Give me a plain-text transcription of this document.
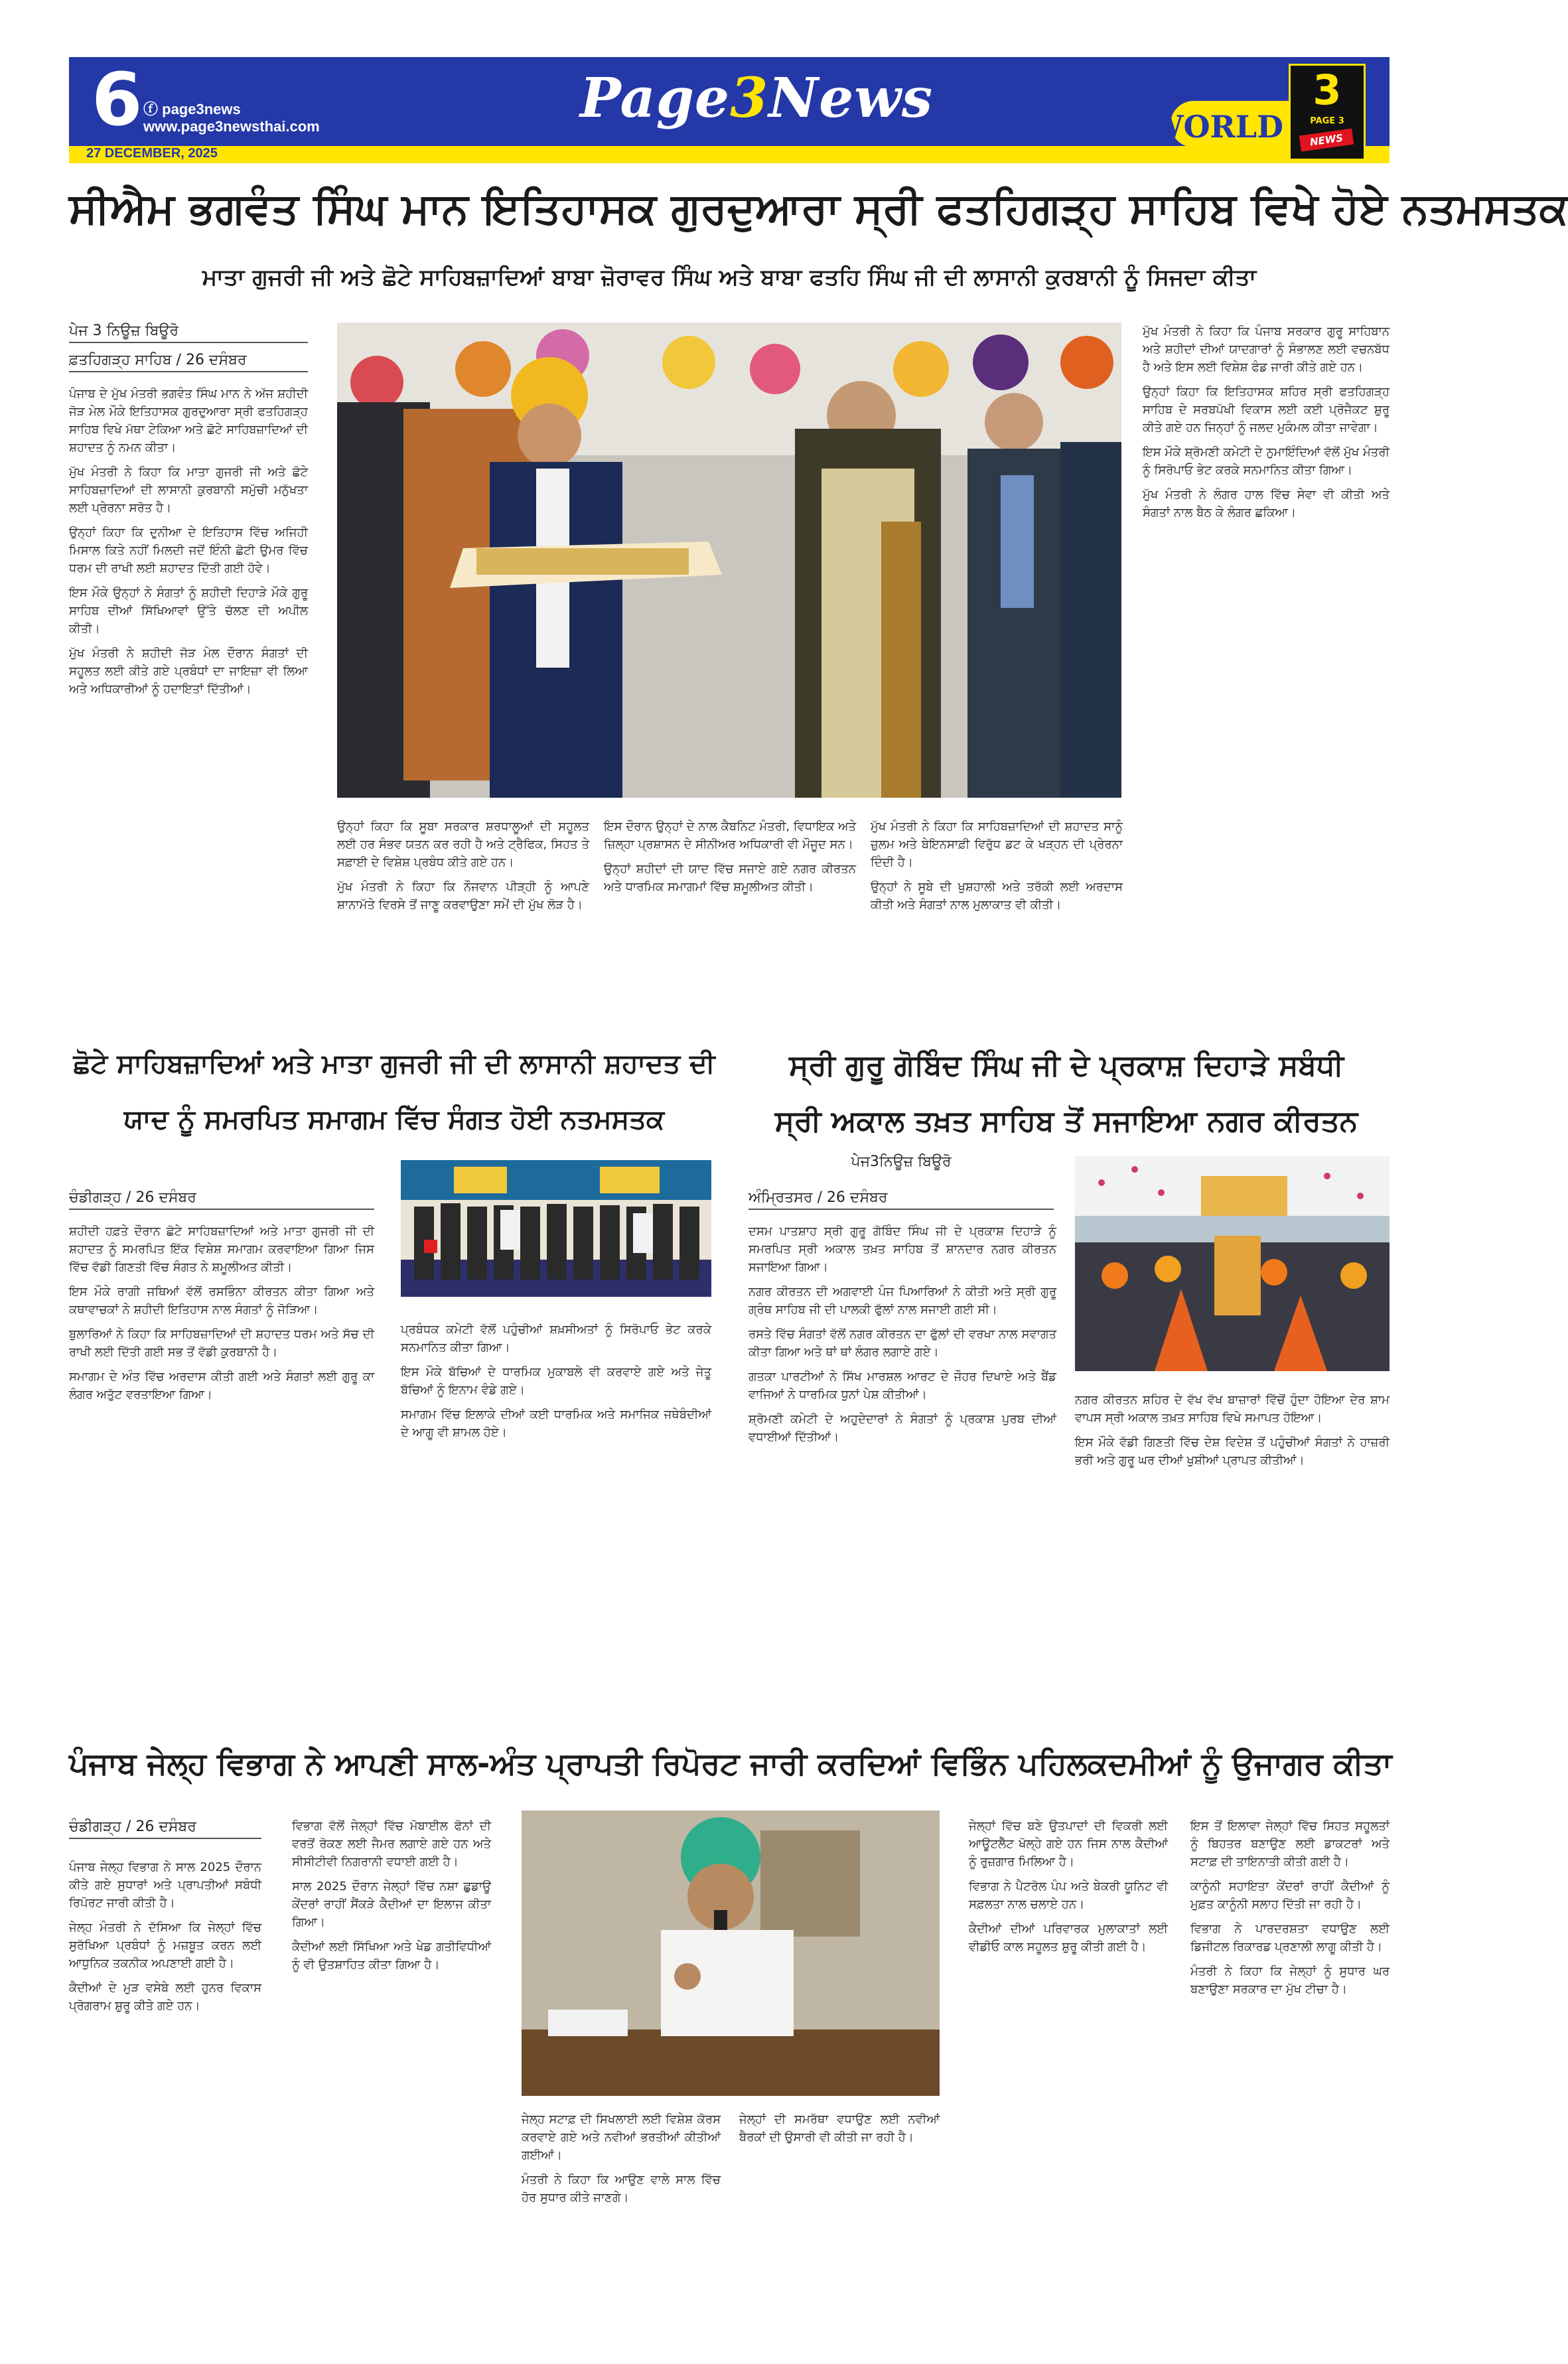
6 ⓕ page3news
www.page3newsthai.com
27 DECEMBER, 2025
Page3News	WORLD
3
PAGE 3
NEWS
ਸੀਐਮ ਭਗਵੰਤ ਸਿੰਘ ਮਾਨ ਇਤਿਹਾਸਕ ਗੁਰਦੁਆਰਾ ਸ੍ਰੀ ਫਤਹਿਗੜ੍ਹ ਸਾਹਿਬ ਵਿਖੇ ਹੋਏ ਨਤਮਸਤਕ
ਮਾਤਾ ਗੁਜਰੀ ਜੀ ਅਤੇ ਛੋਟੇ ਸਾਹਿਬਜ਼ਾਦਿਆਂ ਬਾਬਾ ਜ਼ੋਰਾਵਰ ਸਿੰਘ ਅਤੇ ਬਾਬਾ ਫਤਹਿ ਸਿੰਘ ਜੀ ਦੀ ਲਾਸਾਨੀ ਕੁਰਬਾਨੀ ਨੂੰ ਸਿਜਦਾ ਕੀਤਾ
ਪੇਜ 3 ਨਿਊਜ਼ ਬਿਊਰੋ
ਫ਼ਤਹਿਗੜ੍ਹ ਸਾਹਿਬ / 26 ਦਸੰਬਰ

ਪੰਜਾਬ ਦੇ ਮੁੱਖ ਮੰਤਰੀ ਭਗਵੰਤ ਸਿੰਘ ਮਾਨ ਨੇ ਅੱਜ ਸ਼ਹੀਦੀ ਜੋੜ ਮੇਲ ਮੌਕੇ ਇਤਿਹਾਸਕ ਗੁਰਦੁਆਰਾ ਸ੍ਰੀ ਫਤਹਿਗੜ੍ਹ ਸਾਹਿਬ ਵਿਖੇ ਮੱਥਾ ਟੇਕਿਆ ਅਤੇ ਛੋਟੇ ਸਾਹਿਬਜ਼ਾਦਿਆਂ ਦੀ ਸ਼ਹਾਦਤ ਨੂੰ ਨਮਨ ਕੀਤਾ।

ਮੁੱਖ ਮੰਤਰੀ ਨੇ ਕਿਹਾ ਕਿ ਮਾਤਾ ਗੁਜਰੀ ਜੀ ਅਤੇ ਛੋਟੇ ਸਾਹਿਬਜ਼ਾਦਿਆਂ ਦੀ ਲਾਸਾਨੀ ਕੁਰਬਾਨੀ ਸਮੁੱਚੀ ਮਨੁੱਖਤਾ ਲਈ ਪ੍ਰੇਰਨਾ ਸਰੋਤ ਹੈ।

ਉਨ੍ਹਾਂ ਕਿਹਾ ਕਿ ਦੁਨੀਆ ਦੇ ਇਤਿਹਾਸ ਵਿੱਚ ਅਜਿਹੀ ਮਿਸਾਲ ਕਿਤੇ ਨਹੀਂ ਮਿਲਦੀ ਜਦੋਂ ਇੰਨੀ ਛੋਟੀ ਉਮਰ ਵਿੱਚ ਧਰਮ ਦੀ ਰਾਖੀ ਲਈ ਸ਼ਹਾਦਤ ਦਿੱਤੀ ਗਈ ਹੋਵੇ।

ਇਸ ਮੌਕੇ ਉਨ੍ਹਾਂ ਨੇ ਸੰਗਤਾਂ ਨੂੰ ਸ਼ਹੀਦੀ ਦਿਹਾੜੇ ਮੌਕੇ ਗੁਰੂ ਸਾਹਿਬ ਦੀਆਂ ਸਿੱਖਿਆਵਾਂ ਉੱਤੇ ਚੱਲਣ ਦੀ ਅਪੀਲ ਕੀਤੀ।

ਮੁੱਖ ਮੰਤਰੀ ਨੇ ਸ਼ਹੀਦੀ ਜੋੜ ਮੇਲ ਦੌਰਾਨ ਸੰਗਤਾਂ ਦੀ ਸਹੂਲਤ ਲਈ ਕੀਤੇ ਗਏ ਪ੍ਰਬੰਧਾਂ ਦਾ ਜਾਇਜ਼ਾ ਵੀ ਲਿਆ ਅਤੇ ਅਧਿਕਾਰੀਆਂ ਨੂੰ ਹਦਾਇਤਾਂ ਦਿੱਤੀਆਂ।

ਉਨ੍ਹਾਂ ਕਿਹਾ ਕਿ ਸੂਬਾ ਸਰਕਾਰ ਸ਼ਰਧਾਲੂਆਂ ਦੀ ਸਹੂਲਤ ਲਈ ਹਰ ਸੰਭਵ ਯਤਨ ਕਰ ਰਹੀ ਹੈ ਅਤੇ ਟ੍ਰੈਫਿਕ, ਸਿਹਤ ਤੇ ਸਫ਼ਾਈ ਦੇ ਵਿਸ਼ੇਸ਼ ਪ੍ਰਬੰਧ ਕੀਤੇ ਗਏ ਹਨ।

ਮੁੱਖ ਮੰਤਰੀ ਨੇ ਕਿਹਾ ਕਿ ਨੌਜਵਾਨ ਪੀੜ੍ਹੀ ਨੂੰ ਆਪਣੇ ਸ਼ਾਨਾਮੱਤੇ ਵਿਰਸੇ ਤੋਂ ਜਾਣੂ ਕਰਵਾਉਣਾ ਸਮੇਂ ਦੀ ਮੁੱਖ ਲੋੜ ਹੈ।

ਇਸ ਦੌਰਾਨ ਉਨ੍ਹਾਂ ਦੇ ਨਾਲ ਕੈਬਨਿਟ ਮੰਤਰੀ, ਵਿਧਾਇਕ ਅਤੇ ਜ਼ਿਲ੍ਹਾ ਪ੍ਰਸ਼ਾਸਨ ਦੇ ਸੀਨੀਅਰ ਅਧਿਕਾਰੀ ਵੀ ਮੌਜੂਦ ਸਨ।

ਉਨ੍ਹਾਂ ਸ਼ਹੀਦਾਂ ਦੀ ਯਾਦ ਵਿੱਚ ਸਜਾਏ ਗਏ ਨਗਰ ਕੀਰਤਨ ਅਤੇ ਧਾਰਮਿਕ ਸਮਾਗਮਾਂ ਵਿੱਚ ਸ਼ਮੂਲੀਅਤ ਕੀਤੀ।

ਮੁੱਖ ਮੰਤਰੀ ਨੇ ਕਿਹਾ ਕਿ ਸਾਹਿਬਜ਼ਾਦਿਆਂ ਦੀ ਸ਼ਹਾਦਤ ਸਾਨੂੰ ਜ਼ੁਲਮ ਅਤੇ ਬੇਇਨਸਾਫ਼ੀ ਵਿਰੁੱਧ ਡਟ ਕੇ ਖੜ੍ਹਨ ਦੀ ਪ੍ਰੇਰਨਾ ਦਿੰਦੀ ਹੈ।

ਉਨ੍ਹਾਂ ਨੇ ਸੂਬੇ ਦੀ ਖੁਸ਼ਹਾਲੀ ਅਤੇ ਤਰੱਕੀ ਲਈ ਅਰਦਾਸ ਕੀਤੀ ਅਤੇ ਸੰਗਤਾਂ ਨਾਲ ਮੁਲਾਕਾਤ ਵੀ ਕੀਤੀ।

ਮੁੱਖ ਮੰਤਰੀ ਨੇ ਕਿਹਾ ਕਿ ਪੰਜਾਬ ਸਰਕਾਰ ਗੁਰੂ ਸਾਹਿਬਾਨ ਅਤੇ ਸ਼ਹੀਦਾਂ ਦੀਆਂ ਯਾਦਗਾਰਾਂ ਨੂੰ ਸੰਭਾਲਣ ਲਈ ਵਚਨਬੱਧ ਹੈ ਅਤੇ ਇਸ ਲਈ ਵਿਸ਼ੇਸ਼ ਫੰਡ ਜਾਰੀ ਕੀਤੇ ਗਏ ਹਨ।

ਉਨ੍ਹਾਂ ਕਿਹਾ ਕਿ ਇਤਿਹਾਸਕ ਸ਼ਹਿਰ ਸ੍ਰੀ ਫਤਹਿਗੜ੍ਹ ਸਾਹਿਬ ਦੇ ਸਰਬਪੱਖੀ ਵਿਕਾਸ ਲਈ ਕਈ ਪ੍ਰੋਜੈਕਟ ਸ਼ੁਰੂ ਕੀਤੇ ਗਏ ਹਨ ਜਿਨ੍ਹਾਂ ਨੂੰ ਜਲਦ ਮੁਕੰਮਲ ਕੀਤਾ ਜਾਵੇਗਾ।

ਇਸ ਮੌਕੇ ਸ਼੍ਰੋਮਣੀ ਕਮੇਟੀ ਦੇ ਨੁਮਾਇੰਦਿਆਂ ਵੱਲੋਂ ਮੁੱਖ ਮੰਤਰੀ ਨੂੰ ਸਿਰੋਪਾਓ ਭੇਟ ਕਰਕੇ ਸਨਮਾਨਿਤ ਕੀਤਾ ਗਿਆ।

ਮੁੱਖ ਮੰਤਰੀ ਨੇ ਲੰਗਰ ਹਾਲ ਵਿੱਚ ਸੇਵਾ ਵੀ ਕੀਤੀ ਅਤੇ ਸੰਗਤਾਂ ਨਾਲ ਬੈਠ ਕੇ ਲੰਗਰ ਛਕਿਆ।

ਛੋਟੇ ਸਾਹਿਬਜ਼ਾਦਿਆਂ ਅਤੇ ਮਾਤਾ ਗੁਜਰੀ ਜੀ ਦੀ ਲਾਸਾਨੀ ਸ਼ਹਾਦਤ ਦੀ
ਯਾਦ ਨੂੰ ਸਮਰਪਿਤ ਸਮਾਗਮ ਵਿੱਚ ਸੰਗਤ ਹੋਈ ਨਤਮਸਤਕ
ਚੰਡੀਗੜ੍ਹ / 26 ਦਸੰਬਰ

ਸ਼ਹੀਦੀ ਹਫ਼ਤੇ ਦੌਰਾਨ ਛੋਟੇ ਸਾਹਿਬਜ਼ਾਦਿਆਂ ਅਤੇ ਮਾਤਾ ਗੁਜਰੀ ਜੀ ਦੀ ਸ਼ਹਾਦਤ ਨੂੰ ਸਮਰਪਿਤ ਇੱਕ ਵਿਸ਼ੇਸ਼ ਸਮਾਗਮ ਕਰਵਾਇਆ ਗਿਆ ਜਿਸ ਵਿੱਚ ਵੱਡੀ ਗਿਣਤੀ ਵਿੱਚ ਸੰਗਤ ਨੇ ਸ਼ਮੂਲੀਅਤ ਕੀਤੀ।

ਇਸ ਮੌਕੇ ਰਾਗੀ ਜਥਿਆਂ ਵੱਲੋਂ ਰਸਭਿੰਨਾ ਕੀਰਤਨ ਕੀਤਾ ਗਿਆ ਅਤੇ ਕਥਾਵਾਚਕਾਂ ਨੇ ਸ਼ਹੀਦੀ ਇਤਿਹਾਸ ਨਾਲ ਸੰਗਤਾਂ ਨੂੰ ਜੋੜਿਆ।

ਬੁਲਾਰਿਆਂ ਨੇ ਕਿਹਾ ਕਿ ਸਾਹਿਬਜ਼ਾਦਿਆਂ ਦੀ ਸ਼ਹਾਦਤ ਧਰਮ ਅਤੇ ਸੱਚ ਦੀ ਰਾਖੀ ਲਈ ਦਿੱਤੀ ਗਈ ਸਭ ਤੋਂ ਵੱਡੀ ਕੁਰਬਾਨੀ ਹੈ।

ਸਮਾਗਮ ਦੇ ਅੰਤ ਵਿੱਚ ਅਰਦਾਸ ਕੀਤੀ ਗਈ ਅਤੇ ਸੰਗਤਾਂ ਲਈ ਗੁਰੂ ਕਾ ਲੰਗਰ ਅਤੁੱਟ ਵਰਤਾਇਆ ਗਿਆ।

ਪ੍ਰਬੰਧਕ ਕਮੇਟੀ ਵੱਲੋਂ ਪਹੁੰਚੀਆਂ ਸ਼ਖ਼ਸੀਅਤਾਂ ਨੂੰ ਸਿਰੋਪਾਓ ਭੇਟ ਕਰਕੇ ਸਨਮਾਨਿਤ ਕੀਤਾ ਗਿਆ।

ਇਸ ਮੌਕੇ ਬੱਚਿਆਂ ਦੇ ਧਾਰਮਿਕ ਮੁਕਾਬਲੇ ਵੀ ਕਰਵਾਏ ਗਏ ਅਤੇ ਜੇਤੂ ਬੱਚਿਆਂ ਨੂੰ ਇਨਾਮ ਵੰਡੇ ਗਏ।

ਸਮਾਗਮ ਵਿੱਚ ਇਲਾਕੇ ਦੀਆਂ ਕਈ ਧਾਰਮਿਕ ਅਤੇ ਸਮਾਜਿਕ ਜਥੇਬੰਦੀਆਂ ਦੇ ਆਗੂ ਵੀ ਸ਼ਾਮਲ ਹੋਏ।

ਸ੍ਰੀ ਗੁਰੂ ਗੋਬਿੰਦ ਸਿੰਘ ਜੀ ਦੇ ਪ੍ਰਕਾਸ਼ ਦਿਹਾੜੇ ਸਬੰਧੀ
ਸ੍ਰੀ ਅਕਾਲ ਤਖ਼ਤ ਸਾਹਿਬ ਤੋਂ ਸਜਾਇਆ ਨਗਰ ਕੀਰਤਨ
ਪੇਜ3ਨਿਊਜ਼ ਬਿਊਰੋ
ਅੰਮ੍ਰਿਤਸਰ / 26 ਦਸੰਬਰ

ਦਸਮ ਪਾਤਸ਼ਾਹ ਸ੍ਰੀ ਗੁਰੂ ਗੋਬਿੰਦ ਸਿੰਘ ਜੀ ਦੇ ਪ੍ਰਕਾਸ਼ ਦਿਹਾੜੇ ਨੂੰ ਸਮਰਪਿਤ ਸ੍ਰੀ ਅਕਾਲ ਤਖ਼ਤ ਸਾਹਿਬ ਤੋਂ ਸ਼ਾਨਦਾਰ ਨਗਰ ਕੀਰਤਨ ਸਜਾਇਆ ਗਿਆ।

ਨਗਰ ਕੀਰਤਨ ਦੀ ਅਗਵਾਈ ਪੰਜ ਪਿਆਰਿਆਂ ਨੇ ਕੀਤੀ ਅਤੇ ਸ੍ਰੀ ਗੁਰੂ ਗ੍ਰੰਥ ਸਾਹਿਬ ਜੀ ਦੀ ਪਾਲਕੀ ਫੁੱਲਾਂ ਨਾਲ ਸਜਾਈ ਗਈ ਸੀ।

ਰਸਤੇ ਵਿੱਚ ਸੰਗਤਾਂ ਵੱਲੋਂ ਨਗਰ ਕੀਰਤਨ ਦਾ ਫੁੱਲਾਂ ਦੀ ਵਰਖਾ ਨਾਲ ਸਵਾਗਤ ਕੀਤਾ ਗਿਆ ਅਤੇ ਥਾਂ ਥਾਂ ਲੰਗਰ ਲਗਾਏ ਗਏ।

ਗਤਕਾ ਪਾਰਟੀਆਂ ਨੇ ਸਿੱਖ ਮਾਰਸ਼ਲ ਆਰਟ ਦੇ ਜੌਹਰ ਦਿਖਾਏ ਅਤੇ ਬੈਂਡ ਵਾਜਿਆਂ ਨੇ ਧਾਰਮਿਕ ਧੁਨਾਂ ਪੇਸ਼ ਕੀਤੀਆਂ।

ਸ਼੍ਰੋਮਣੀ ਕਮੇਟੀ ਦੇ ਅਹੁਦੇਦਾਰਾਂ ਨੇ ਸੰਗਤਾਂ ਨੂੰ ਪ੍ਰਕਾਸ਼ ਪੁਰਬ ਦੀਆਂ ਵਧਾਈਆਂ ਦਿੱਤੀਆਂ।

ਨਗਰ ਕੀਰਤਨ ਸ਼ਹਿਰ ਦੇ ਵੱਖ ਵੱਖ ਬਾਜ਼ਾਰਾਂ ਵਿੱਚੋਂ ਹੁੰਦਾ ਹੋਇਆ ਦੇਰ ਸ਼ਾਮ ਵਾਪਸ ਸ੍ਰੀ ਅਕਾਲ ਤਖ਼ਤ ਸਾਹਿਬ ਵਿਖੇ ਸਮਾਪਤ ਹੋਇਆ।

ਇਸ ਮੌਕੇ ਵੱਡੀ ਗਿਣਤੀ ਵਿੱਚ ਦੇਸ਼ ਵਿਦੇਸ਼ ਤੋਂ ਪਹੁੰਚੀਆਂ ਸੰਗਤਾਂ ਨੇ ਹਾਜ਼ਰੀ ਭਰੀ ਅਤੇ ਗੁਰੂ ਘਰ ਦੀਆਂ ਖੁਸ਼ੀਆਂ ਪ੍ਰਾਪਤ ਕੀਤੀਆਂ।

ਪੰਜਾਬ ਜੇਲ੍ਹ ਵਿਭਾਗ ਨੇ ਆਪਣੀ ਸਾਲ-ਅੰਤ ਪ੍ਰਾਪਤੀ ਰਿਪੋਰਟ ਜਾਰੀ ਕਰਦਿਆਂ ਵਿਭਿੰਨ ਪਹਿਲਕਦਮੀਆਂ ਨੂੰ ਉਜਾਗਰ ਕੀਤਾ
ਚੰਡੀਗੜ੍ਹ / 26 ਦਸੰਬਰ

ਪੰਜਾਬ ਜੇਲ੍ਹ ਵਿਭਾਗ ਨੇ ਸਾਲ 2025 ਦੌਰਾਨ ਕੀਤੇ ਗਏ ਸੁਧਾਰਾਂ ਅਤੇ ਪ੍ਰਾਪਤੀਆਂ ਸਬੰਧੀ ਰਿਪੋਰਟ ਜਾਰੀ ਕੀਤੀ ਹੈ।

ਜੇਲ੍ਹ ਮੰਤਰੀ ਨੇ ਦੱਸਿਆ ਕਿ ਜੇਲ੍ਹਾਂ ਵਿੱਚ ਸੁਰੱਖਿਆ ਪ੍ਰਬੰਧਾਂ ਨੂੰ ਮਜ਼ਬੂਤ ਕਰਨ ਲਈ ਆਧੁਨਿਕ ਤਕਨੀਕ ਅਪਣਾਈ ਗਈ ਹੈ।

ਕੈਦੀਆਂ ਦੇ ਮੁੜ ਵਸੇਬੇ ਲਈ ਹੁਨਰ ਵਿਕਾਸ ਪ੍ਰੋਗਰਾਮ ਸ਼ੁਰੂ ਕੀਤੇ ਗਏ ਹਨ।

ਵਿਭਾਗ ਵੱਲੋਂ ਜੇਲ੍ਹਾਂ ਵਿੱਚ ਮੋਬਾਈਲ ਫੋਨਾਂ ਦੀ ਵਰਤੋਂ ਰੋਕਣ ਲਈ ਜੈਮਰ ਲਗਾਏ ਗਏ ਹਨ ਅਤੇ ਸੀਸੀਟੀਵੀ ਨਿਗਰਾਨੀ ਵਧਾਈ ਗਈ ਹੈ।

ਸਾਲ 2025 ਦੌਰਾਨ ਜੇਲ੍ਹਾਂ ਵਿੱਚ ਨਸ਼ਾ ਛੁਡਾਊ ਕੇਂਦਰਾਂ ਰਾਹੀਂ ਸੈਂਕੜੇ ਕੈਦੀਆਂ ਦਾ ਇਲਾਜ ਕੀਤਾ ਗਿਆ।

ਕੈਦੀਆਂ ਲਈ ਸਿੱਖਿਆ ਅਤੇ ਖੇਡ ਗਤੀਵਿਧੀਆਂ ਨੂੰ ਵੀ ਉਤਸ਼ਾਹਿਤ ਕੀਤਾ ਗਿਆ ਹੈ।

ਜੇਲ੍ਹ ਸਟਾਫ਼ ਦੀ ਸਿਖਲਾਈ ਲਈ ਵਿਸ਼ੇਸ਼ ਕੋਰਸ ਕਰਵਾਏ ਗਏ ਅਤੇ ਨਵੀਆਂ ਭਰਤੀਆਂ ਕੀਤੀਆਂ ਗਈਆਂ।

ਮੰਤਰੀ ਨੇ ਕਿਹਾ ਕਿ ਆਉਣ ਵਾਲੇ ਸਾਲ ਵਿੱਚ ਹੋਰ ਸੁਧਾਰ ਕੀਤੇ ਜਾਣਗੇ।

ਜੇਲ੍ਹਾਂ ਦੀ ਸਮਰੱਥਾ ਵਧਾਉਣ ਲਈ ਨਵੀਆਂ ਬੈਰਕਾਂ ਦੀ ਉਸਾਰੀ ਵੀ ਕੀਤੀ ਜਾ ਰਹੀ ਹੈ।

ਜੇਲ੍ਹਾਂ ਵਿੱਚ ਬਣੇ ਉਤਪਾਦਾਂ ਦੀ ਵਿਕਰੀ ਲਈ ਆਊਟਲੈੱਟ ਖੋਲ੍ਹੇ ਗਏ ਹਨ ਜਿਸ ਨਾਲ ਕੈਦੀਆਂ ਨੂੰ ਰੁਜ਼ਗਾਰ ਮਿਲਿਆ ਹੈ।

ਵਿਭਾਗ ਨੇ ਪੈਟਰੋਲ ਪੰਪ ਅਤੇ ਬੇਕਰੀ ਯੂਨਿਟ ਵੀ ਸਫ਼ਲਤਾ ਨਾਲ ਚਲਾਏ ਹਨ।

ਕੈਦੀਆਂ ਦੀਆਂ ਪਰਿਵਾਰਕ ਮੁਲਾਕਾਤਾਂ ਲਈ ਵੀਡੀਓ ਕਾਲ ਸਹੂਲਤ ਸ਼ੁਰੂ ਕੀਤੀ ਗਈ ਹੈ।

ਇਸ ਤੋਂ ਇਲਾਵਾ ਜੇਲ੍ਹਾਂ ਵਿੱਚ ਸਿਹਤ ਸਹੂਲਤਾਂ ਨੂੰ ਬਿਹਤਰ ਬਣਾਉਣ ਲਈ ਡਾਕਟਰਾਂ ਅਤੇ ਸਟਾਫ਼ ਦੀ ਤਾਇਨਾਤੀ ਕੀਤੀ ਗਈ ਹੈ।

ਕਾਨੂੰਨੀ ਸਹਾਇਤਾ ਕੇਂਦਰਾਂ ਰਾਹੀਂ ਕੈਦੀਆਂ ਨੂੰ ਮੁਫ਼ਤ ਕਾਨੂੰਨੀ ਸਲਾਹ ਦਿੱਤੀ ਜਾ ਰਹੀ ਹੈ।

ਵਿਭਾਗ ਨੇ ਪਾਰਦਰਸ਼ਤਾ ਵਧਾਉਣ ਲਈ ਡਿਜੀਟਲ ਰਿਕਾਰਡ ਪ੍ਰਣਾਲੀ ਲਾਗੂ ਕੀਤੀ ਹੈ।

ਮੰਤਰੀ ਨੇ ਕਿਹਾ ਕਿ ਜੇਲ੍ਹਾਂ ਨੂੰ ਸੁਧਾਰ ਘਰ ਬਣਾਉਣਾ ਸਰਕਾਰ ਦਾ ਮੁੱਖ ਟੀਚਾ ਹੈ।
